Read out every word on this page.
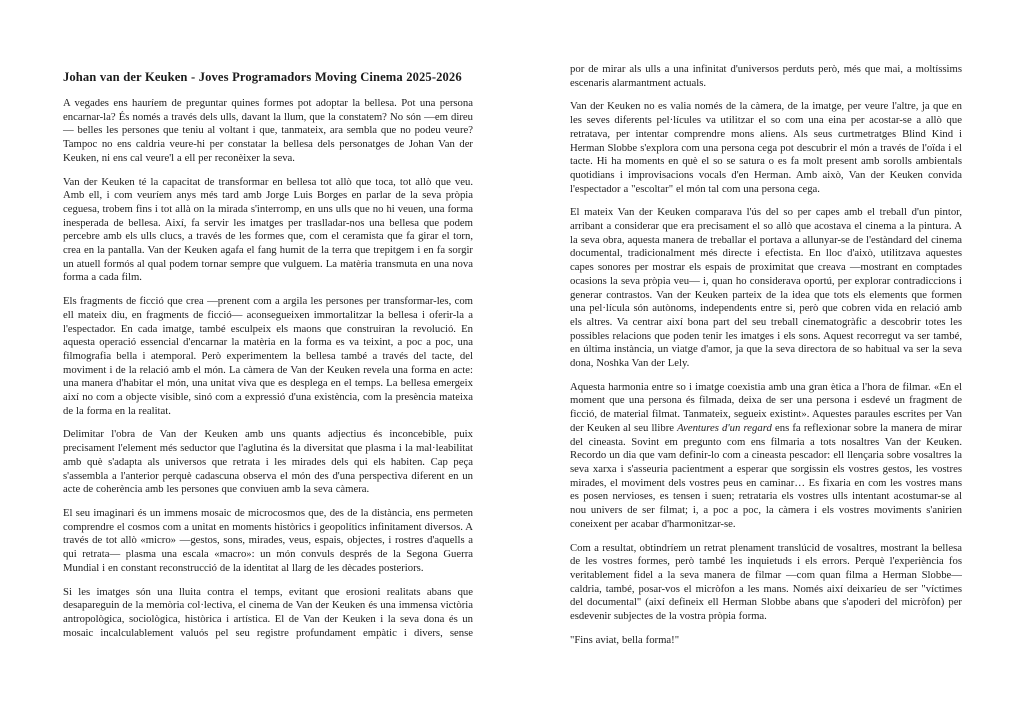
Johan van der Keuken - Joves Programadors Moving Cinema 2025-2026

A vegades ens hauríem de preguntar quines formes pot adoptar la bellesa. Pot una persona encarnar-la? És només a través dels ulls, davant la llum, que la constatem? No són —em direu— belles les persones que teniu al voltant i que, tanmateix, ara sembla que no podeu veure? Tampoc no ens caldria veure-hi per constatar la bellesa dels personatges de Johan Van der Keuken, ni ens cal veure'l a ell per reconèixer la seva.

Van der Keuken té la capacitat de transformar en bellesa tot allò que toca, tot allò que veu. Amb ell, i com veuríem anys més tard amb Jorge Luis Borges en parlar de la seva pròpia ceguesa, trobem fins i tot allà on la mirada s'interromp, en uns ulls que no hi veuen, una forma inesperada de bellesa. Així, fa servir les imatges per traslladar-nos una bellesa que podem percebre amb els ulls clucs, a través de les formes que, com el ceramista que fa girar el torn, crea en la pantalla. Van der Keuken agafa el fang humit de la terra que trepitgem i en fa sorgir un atuell formós al qual podem tornar sempre que vulguem. La matèria transmuta en una nova forma a cada film.

Els fragments de ficció que crea —prenent com a argila les persones per transformar-les, com ell mateix diu, en fragments de ficció— aconsegueixen immortalitzar la bellesa i oferir-la a l'espectador. En cada imatge, també esculpeix els maons que construiran la revolució. En aquesta operació essencial d'encarnar la matèria en la forma es va teixint, a poc a poc, una filmografia bella i atemporal. Però experimentem la bellesa també a través del tacte, del moviment i de la relació amb el món. La càmera de Van der Keuken revela una forma en acte: una manera d'habitar el món, una unitat viva que es desplega en el temps. La bellesa emergeix així no com a objecte visible, sinó com a expressió d'una existència, com la presència mateixa de la forma en la realitat.

Delimitar l'obra de Van der Keuken amb uns quants adjectius és inconcebible, puix precisament l'element més seductor que l'aglutina és la diversitat que plasma i la mal·leabilitat amb què s'adapta als universos que retrata i les mirades dels qui els habiten. Cap peça s'assembla a l'anterior perquè cadascuna observa el món des d'una perspectiva diferent en un acte de coherència amb les persones que conviuen amb la seva càmera.

El seu imaginari és un immens mosaic de microcosmos que, des de la distància, ens permeten comprendre el cosmos com a unitat en moments històrics i geopolítics infinitament diversos. A través de tot allò «micro» —gestos, sons, mirades, veus, espais, objectes, i rostres d'aquells a qui retrata— plasma una escala «macro»: un món convuls després de la Segona Guerra Mundial i en constant reconstrucció de la identitat al llarg de les dècades posteriors.

Si les imatges són una lluita contra el temps, evitant que erosioni realitats abans que desapareguin de la memòria col·lectiva, el cinema de Van der Keuken és una immensa victòria antropològica, sociològica, històrica i artística. El de Van der Keuken i la seva dona és un mosaic incalculablement valuós pel seu registre profundament empàtic i divers, sense

por de mirar als ulls a una infinitat d'universos perduts però, més que mai, a moltíssims escenaris alarmantment actuals.

Van der Keuken no es valia només de la càmera, de la imatge, per veure l'altre, ja que en les seves diferents pel·lícules va utilitzar el so com una eina per acostar-se a allò que retratava, per intentar comprendre mons aliens. Als seus curtmetratges Blind Kind i Herman Slobbe s'explora com una persona cega pot descubrir el món a través de l'oïda i el tacte. Hi ha moments en què el so se satura o es fa molt present amb sorolls ambientals quotidians i improvisacions vocals d'en Herman. Amb això, Van der Keuken convida l'espectador a "escoltar" el món tal com una persona cega.

El mateix Van der Keuken comparava l'ús del so per capes amb el treball d'un pintor, arribant a considerar que era precisament el so allò que acostava el cinema a la pintura. A la seva obra, aquesta manera de treballar el portava a allunyar-se de l'estàndard del cinema documental, tradicionalment més directe i efectista. En lloc d'això, utilitzava aquestes capes sonores per mostrar els espais de proximitat que creava —mostrant en comptades ocasions la seva pròpia veu— i, quan ho considerava oportú, per explorar contradiccions i generar contrastos. Van der Keuken parteix de la idea que tots els elements que formen una pel·lícula són autònoms, independents entre si, però que cobren vida en relació amb els altres. Va centrar així bona part del seu treball cinematogràfic a descobrir totes les possibles relacions que poden tenir les imatges i els sons. Aquest recorregut va ser també, en última instància, un viatge d'amor, ja que la seva directora de so habitual va ser la seva dona, Noshka Van der Lely.

Aquesta harmonia entre so i imatge coexistia amb una gran ètica a l'hora de filmar. «En el moment que una persona és filmada, deixa de ser una persona i esdevé un fragment de ficció, de material filmat. Tanmateix, segueix existint». Aquestes paraules escrites per Van der Keuken al seu llibre Aventures d'un regard ens fa reflexionar sobre la manera de mirar del cineasta. Sovint em pregunto com ens filmaria a tots nosaltres Van der Keuken. Recordo un dia que vam definir-lo com a cineasta pescador: ell llençaria sobre vosaltres la seva xarxa i s'asseuria pacientment a esperar que sorgissin els vostres gestos, les vostres mirades, el moviment dels vostres peus en caminar… Es fixaria en com les vostres mans es posen nervioses, es tensen i suen; retrataria els vostres ulls intentant acostumar-se al nou univers de ser filmat; i, a poc a poc, la càmera i els vostres moviments s'anirien coneixent per acabar d'harmonitzar-se.

Com a resultat, obtindríem un retrat plenament translúcid de vosaltres, mostrant la bellesa de les vostres formes, però també les inquietuds i els errors. Perquè l'experiència fos veritablement fidel a la seva manera de filmar —com quan filma a Herman Slobbe— caldria, també, posar-vos el micròfon a les mans. Només així deixaríeu de ser "víctimes del documental" (així defineix ell Herman Slobbe abans que s'apoderi del micròfon) per esdevenir subjectes de la vostra pròpia forma.

"Fins aviat, bella forma!"
